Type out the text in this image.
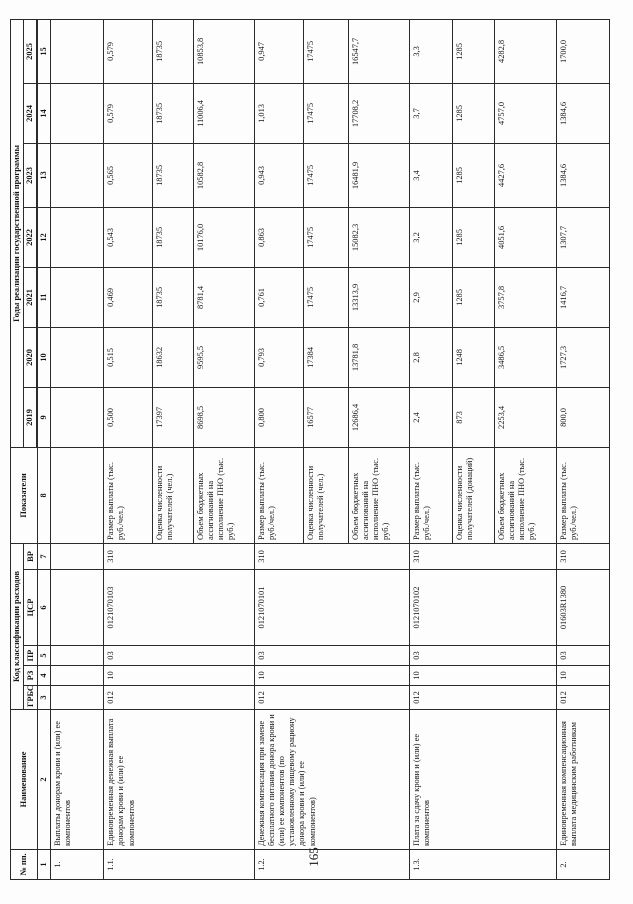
165
№ пп.	Наименование	Код классификации расходов					Показатели	Годы реализации государственной программы						
		ГРБС	РЗ	ПР	ЦСР	ВР		2019	2020	2021	2022	2023	2024	2025

1	2	3	4	5	6	7	8	9	10	11	12	13	14	15
1.	Выплаты донорам крови и (или) ее компонентов													
1.1.	Единовременная денежная выплата донорам крови и (или) ее компонентов	012	10	03	0121070103	310	Размер выплаты (тыс. руб./чел.)	0,500	0,515	0,469	0,543	0,565	0,579	0,579
							Оценка численности получателей (чел.)	17397	18632	18735	18735	18735	18735	18735
							Объем бюджетных ассигнований на исполнение ПНО (тыс. руб.)	8698,5	9595,5	8781,4	10176,0	10582,8	11006,4	10853,8
1.2.	Денежная компенсация при замене бесплатного питания донора крови и (или) ее компонентов (по установленному пищевому рациону донора крови и (или) ее компонентов)	012	10	03	0121070101	310	Размер выплаты (тыс. руб./чел.)	0,800	0,793	0,761	0,863	0,943	1,013	0,947
							Оценка численности получателей (чел.)	16577	17384	17475	17475	17475	17475	17475
							Объем бюджетных ассигнований на исполнение ПНО (тыс. руб.)	12686,4	13781,8	13313,9	15082,3	16481,9	17708,2	16547,7
1.3.	Плата за сдачу крови и (или) ее компонентов	012	10	03	0121070102	310	Размер выплаты (тыс. руб./чел.)	2,4	2,8	2,9	3,2	3,4	3,7	3,3
							Оценка численности получателей (донаций)	873	1248	1285	1285	1285	1285	1285
							Объем бюджетных ассигнований на исполнение ПНО (тыс. руб.)	2253,4	3486,5	3757,8	4051,6	4427,6	4757,0	4282,8
2.	Единовременная компенсационная выплата медицинским работникам	012	10	03	01603R1380	310	Размер выплаты (тыс. руб./чел.)	800,0	1727,3	1416,7	1307,7	1384,6	1384,6	1700,0
